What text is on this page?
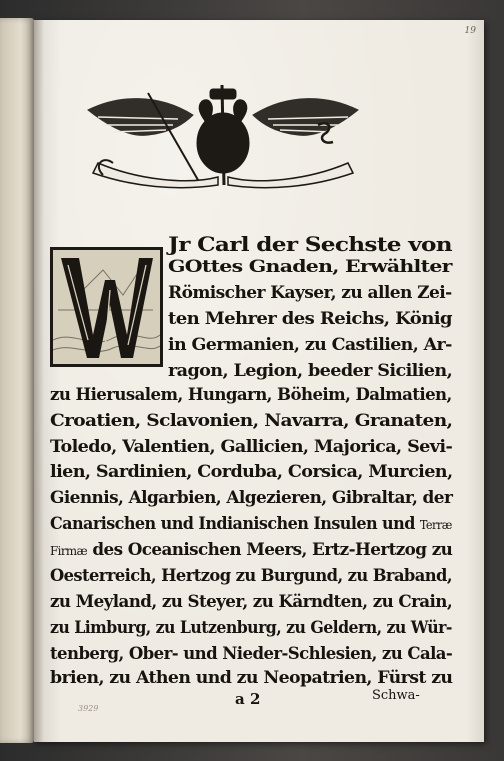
19
Jr Carl der Sechste von
GOttes Gnaden, Erwählter
Römischer Kayser, zu allen Zei-
ten Mehrer des Reichs, König
in Germanien, zu Castilien, Ar-
ragon, Legion, beeder Sicilien,
zu Hierusalem, Hungarn, Böheim, Dalmatien,
Croatien, Sclavonien, Navarra, Granaten,
Toledo, Valentien, Gallicien, Majorica, Sevi-
lien, Sardinien, Corduba, Corsica, Murcien,
Giennis, Algarbien, Algezieren, Gibraltar, der
Canarischen und Indianischen Insulen und Terræ
Firmæ des Oceanischen Meers, Ertz-Hertzog zu
Oesterreich, Hertzog zu Burgund, zu Braband,
zu Meyland, zu Steyer, zu Kärndten, zu Crain,
zu Limburg, zu Lutzenburg, zu Geldern, zu Wür-
tenberg, Ober- und Nieder-Schlesien, zu Cala-
brien, zu Athen und zu Neopatrien, Fürst zu
a 2	Schwa-
3929
